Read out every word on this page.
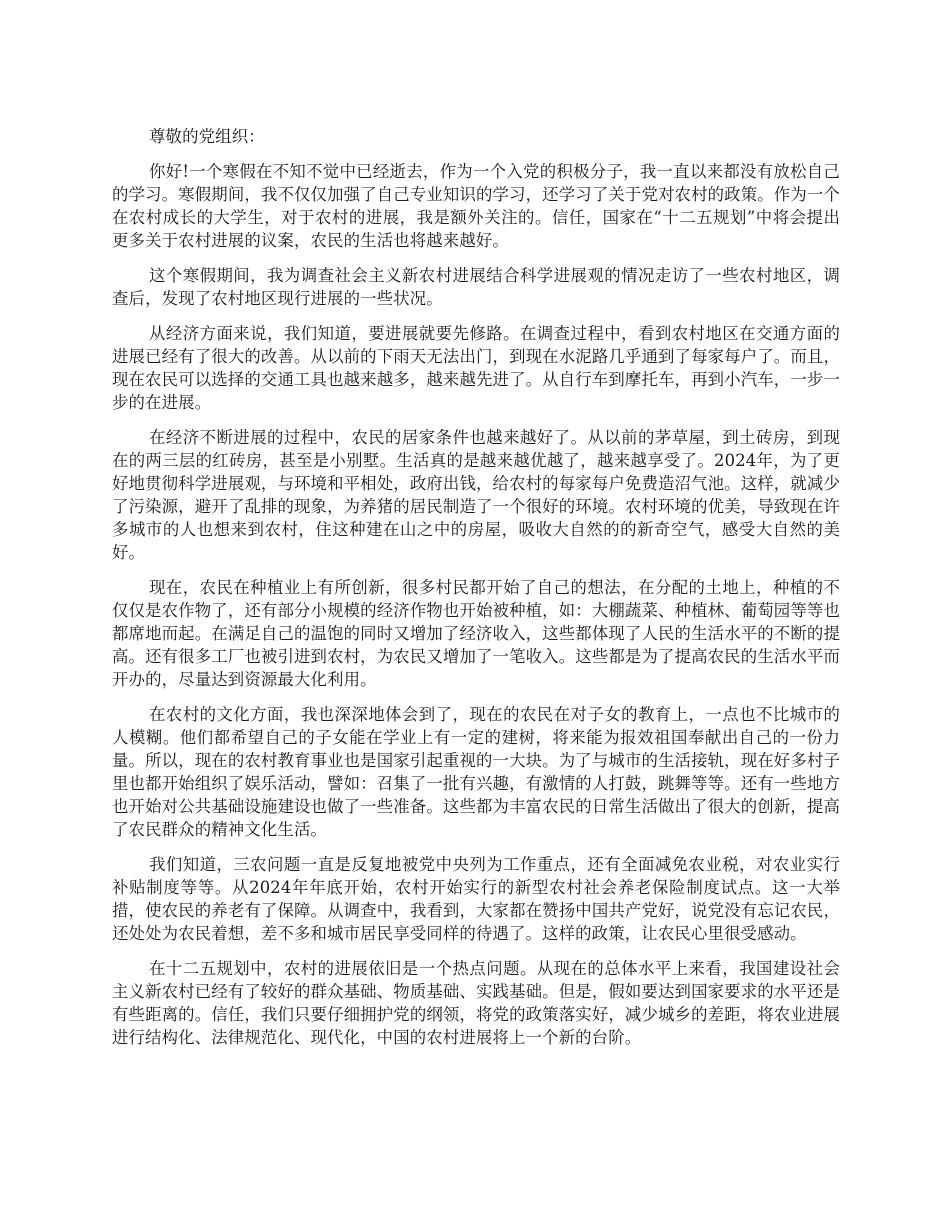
尊敬的党组织：

你好!一个寒假在不知不觉中已经逝去，作为一个入党的积极分子，我一直以来都没有放松自己的学习。寒假期间，我不仅仅加强了自己专业知识的学习，还学习了关于党对农村的政策。作为一个在农村成长的大学生，对于农村的进展，我是额外关注的。信任，国家在“十二五规划”中将会提出更多关于农村进展的议案，农民的生活也将越来越好。

这个寒假期间，我为调查社会主义新农村进展结合科学进展观的情况走访了一些农村地区，调查后，发现了农村地区现行进展的一些状况。

从经济方面来说，我们知道，要进展就要先修路。在调查过程中，看到农村地区在交通方面的进展已经有了很大的改善。从以前的下雨天无法出门，到现在水泥路几乎通到了每家每户了。而且，现在农民可以选择的交通工具也越来越多，越来越先进了。从自行车到摩托车，再到小汽车，一步一步的在进展。

在经济不断进展的过程中，农民的居家条件也越来越好了。从以前的茅草屋，到土砖房，到现在的两三层的红砖房，甚至是小别墅。生活真的是越来越优越了，越来越享受了。2024年，为了更好地贯彻科学进展观，与环境和平相处，政府出钱，给农村的每家每户免费造沼气池。这样，就减少了污染源，避开了乱排的现象，为养猪的居民制造了一个很好的环境。农村环境的优美，导致现在许多城市的人也想来到农村，住这种建在山之中的房屋，吸收大自然的的新奇空气，感受大自然的美好。

现在，农民在种植业上有所创新，很多村民都开始了自己的想法，在分配的土地上，种植的不仅仅是农作物了，还有部分小规模的经济作物也开始被种植，如：大棚蔬菜、种植林、葡萄园等等也都席地而起。在满足自己的温饱的同时又增加了经济收入，这些都体现了人民的生活水平的不断的提高。还有很多工厂也被引进到农村，为农民又增加了一笔收入。这些都是为了提高农民的生活水平而开办的，尽量达到资源最大化利用。

在农村的文化方面，我也深深地体会到了，现在的农民在对子女的教育上，一点也不比城市的人模糊。他们都希望自己的子女能在学业上有一定的建树，将来能为报效祖国奉献出自己的一份力量。所以，现在的农村教育事业也是国家引起重视的一大块。为了与城市的生活接轨，现在好多村子里也都开始组织了娱乐活动，譬如：召集了一批有兴趣，有激情的人打鼓，跳舞等等。还有一些地方也开始对公共基础设施建设也做了一些准备。这些都为丰富农民的日常生活做出了很大的创新，提高了农民群众的精神文化生活。

我们知道，三农问题一直是反复地被党中央列为工作重点，还有全面减免农业税，对农业实行补贴制度等等。从2024年年底开始，农村开始实行的新型农村社会养老保险制度试点。这一大举措，使农民的养老有了保障。从调查中，我看到，大家都在赞扬中国共产党好，说党没有忘记农民，还处处为农民着想，差不多和城市居民享受同样的待遇了。这样的政策，让农民心里很受感动。

在十二五规划中，农村的进展依旧是一个热点问题。从现在的总体水平上来看，我国建设社会主义新农村已经有了较好的群众基础、物质基础、实践基础。但是，假如要达到国家要求的水平还是有些距离的。信任，我们只要仔细拥护党的纲领，将党的政策落实好，减少城乡的差距，将农业进展进行结构化、法律规范化、现代化，中国的农村进展将上一个新的台阶。
